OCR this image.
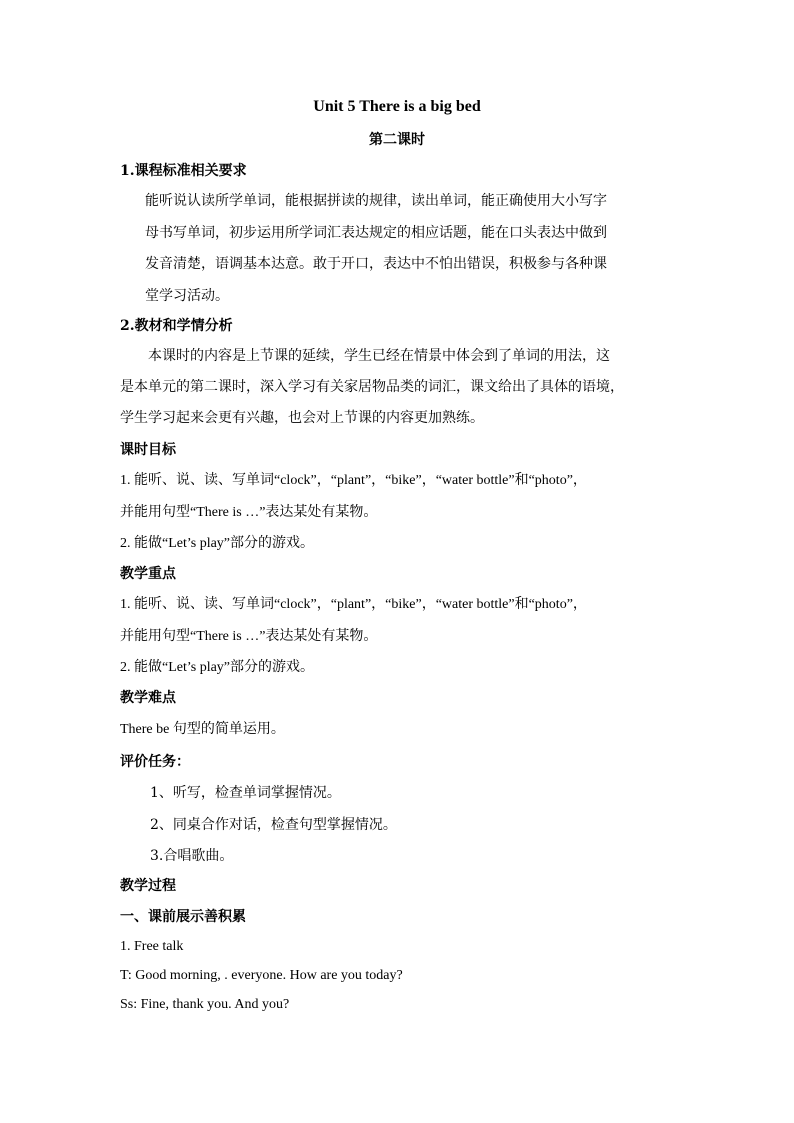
Unit 5 There is a big bed
第二课时
1.课程标准相关要求
能听说认读所学单词，能根据拼读的规律，读出单词，能正确使用大小写字
母书写单词，初步运用所学词汇表达规定的相应话题，能在口头表达中做到
发音清楚，语调基本达意。敢于开口，表达中不怕出错误，积极参与各种课
堂学习活动。
2.教材和学情分析
本课时的内容是上节课的延续，学生已经在情景中体会到了单词的用法，这
是本单元的第二课时，深入学习有关家居物品类的词汇，课文给出了具体的语境，
学生学习起来会更有兴趣，也会对上节课的内容更加熟练。
课时目标
1. 能听、说、读、写单词“clock”，“plant”，“bike”，“water bottle”和“photo”，
并能用句型“There is …”表达某处有某物。
2. 能做“Let’s play”部分的游戏。
教学重点
1. 能听、说、读、写单词“clock”，“plant”，“bike”，“water bottle”和“photo”，
并能用句型“There is …”表达某处有某物。
2. 能做“Let’s play”部分的游戏。
教学难点
There be 句型的简单运用。
评价任务：
1、听写，检查单词掌握情况。
2、同桌合作对话，检查句型掌握情况。
3.合唱歌曲。
教学过程
一、课前展示善积累
1. Free talk
T: Good morning, . everyone. How are you today?
Ss: Fine, thank you. And you?
